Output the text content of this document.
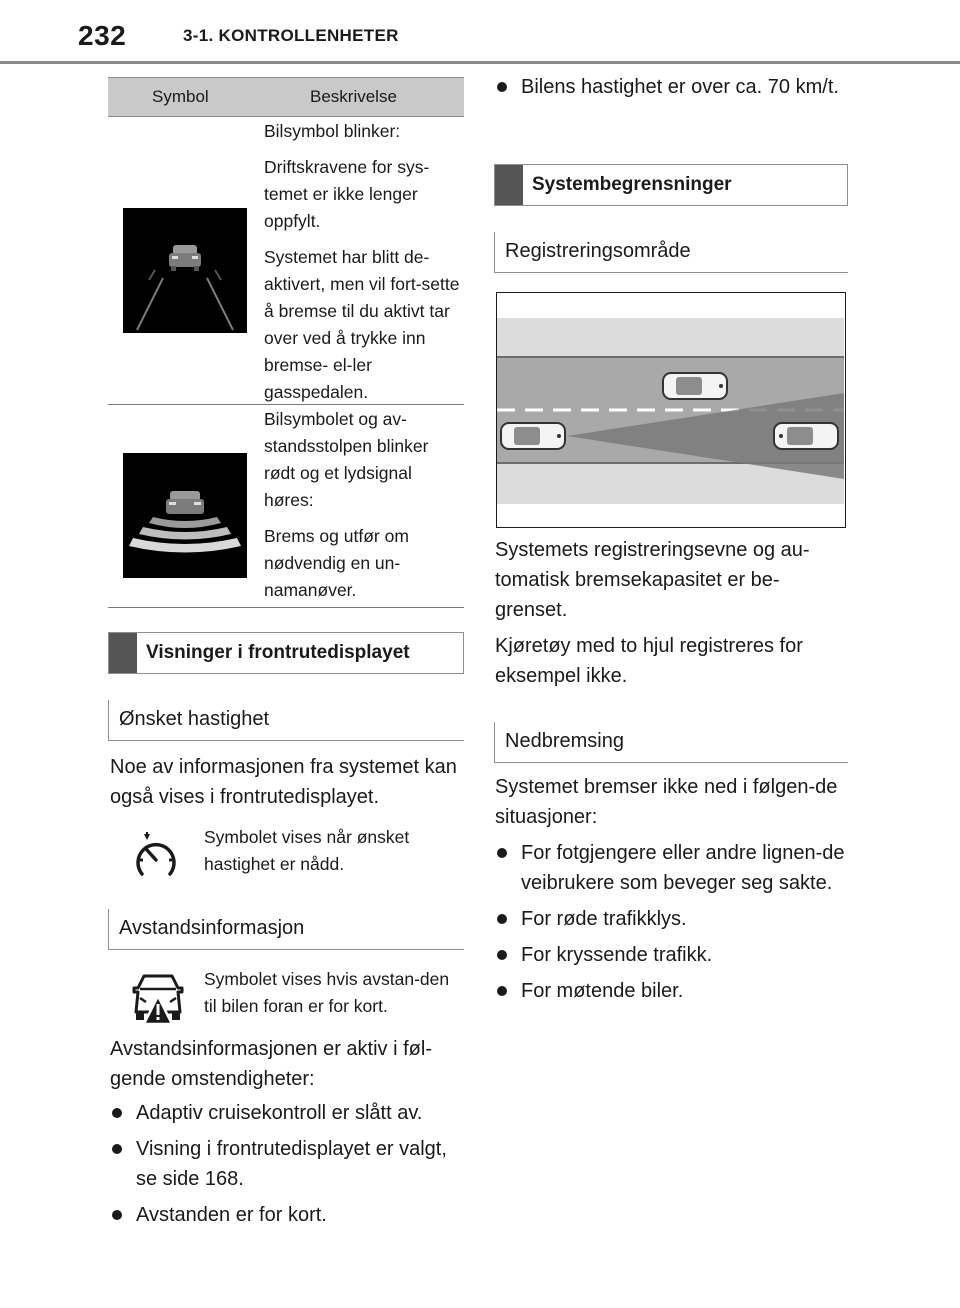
232	3-1. KONTROLLENHETER
Symbol	Beskrivelse

Bilsymbol blinker:

Driftskravene for sys-temet er ikke lenger oppfylt.

Systemet har blitt de-aktivert, men vil fort-sette å bremse til du aktivt tar over ved å trykke inn bremse- el-ler gasspedalen.

Bilsymbolet og av-standsstolpen blinker rødt og et lydsignal høres:

Brems og utfør om nødvendig en un-namanøver.

Visninger i frontrutedisplayet
Ønsket hastighet

Noe av informasjonen fra systemet kan også vises i frontrutedisplayet.

Symbolet vises når ønsket hastighet er nådd.
Avstandsinformasjon
Symbolet vises hvis avstan-den til bilen foran er for kort.

Avstandsinformasjonen er aktiv i føl-gende omstendigheter:

Adaptiv cruisekontroll er slått av.
Visning i frontrutedisplayet er valgt, se side 168.
Avstanden er for kort.
Bilens hastighet er over ca. 70 km/t.
Systembegrensninger
Registreringsområde

Systemets registreringsevne og au-tomatisk bremsekapasitet er be-grenset.

Kjøretøy med to hjul registreres for eksempel ikke.

Nedbremsing

Systemet bremser ikke ned i følgen-de situasjoner:

For fotgjengere eller andre lignen-de veibrukere som beveger seg sakte.
For røde trafikklys.
For kryssende trafikk.
For møtende biler.
